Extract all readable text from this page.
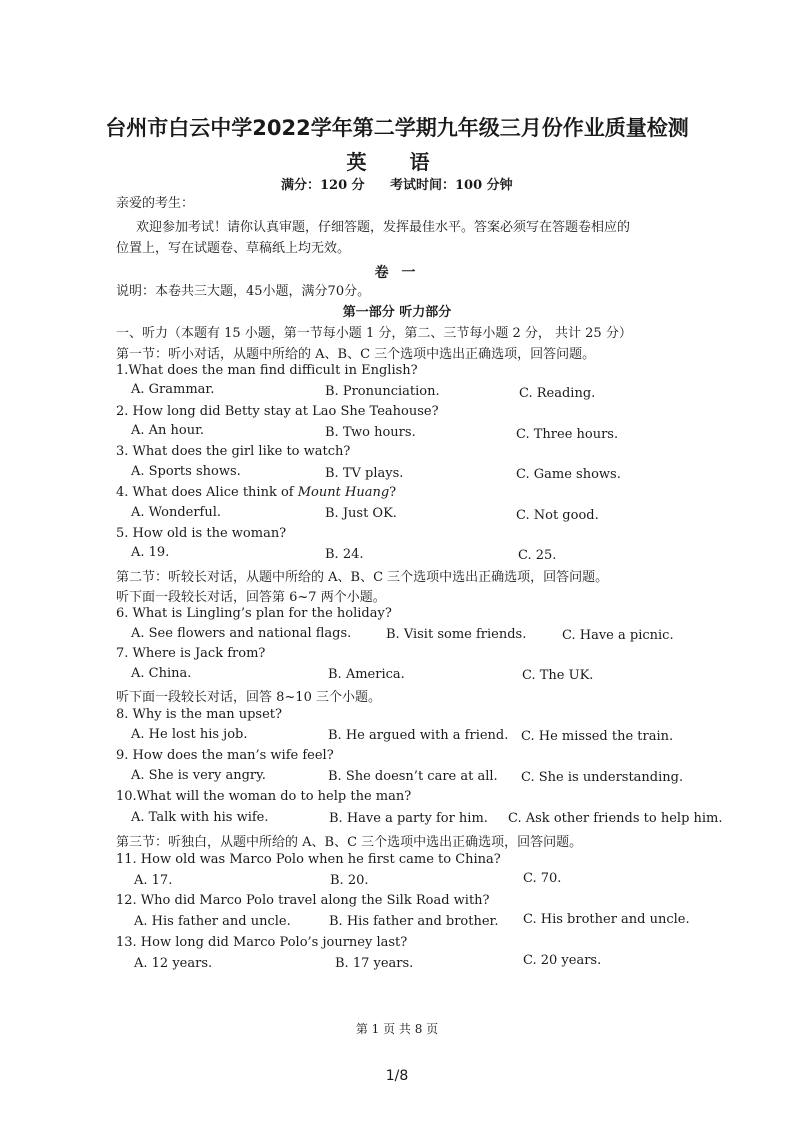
台州市白云中学2022学年第二学期九年级三月份作业质量检测
英 语
满分：120 分 考试时间：100 分钟
亲爱的考生：
欢迎参加考试！请你认真审题，仔细答题，发挥最佳水平。答案必须写在答题卷相应的
位置上，写在试题卷、草稿纸上均无效。
卷 一
说明：本卷共三大题，45小题，满分70分。
第一部分 听力部分
一、听力（本题有 15 小题，第一节每小题 1 分，第二、三节每小题 2 分， 共计 25 分）
第一节：听小对话，从题中所给的 A、B、C 三个选项中选出正确选项，回答问题。
1.What does the man find difficult in English?
A. Grammar.	B. Pronunciation.	C. Reading.
2. How long did Betty stay at Lao She Teahouse?
A. An hour.	B. Two hours.	C. Three hours.
3. What does the girl like to watch?
A. Sports shows.	B. TV plays.	C. Game shows.
4. What does Alice think of Mount Huang?
A. Wonderful.	B. Just OK.	C. Not good.
5. How old is the woman?
A. 19.	B. 24.	C. 25.
第二节：听较长对话，从题中所给的 A、B、C 三个选项中选出正确选项，回答问题。
听下面一段较长对话，回答第 6~7 两个小题。
6. What is Lingling’s plan for the holiday?
A. See flowers and national flags.	B. Visit some friends.	C. Have a picnic.
7. Where is Jack from?
A. China.	B. America.	C. The UK.
听下面一段较长对话，回答 8~10 三个小题。
8. Why is the man upset?
A. He lost his job.	B. He argued with a friend. C. He missed the train.
9. How does the man’s wife feel?
A. She is very angry.	B. She doesn’t care at all. C. She is understanding.
10.What will the woman do to help the man?
A. Talk with his wife.	B. Have a party for him. C. Ask other friends to help him.
第三节：听独白，从题中所给的 A、B、C 三个选项中选出正确选项，回答问题。
11. How old was Marco Polo when he first came to China?
A. 17.	B. 20.	C. 70.
12. Who did Marco Polo travel along the Silk Road with?
A. His father and uncle.	B. His father and brother. C. His brother and uncle.
13. How long did Marco Polo’s journey last?
A. 12 years.	B. 17 years.	C. 20 years.
第 1 页 共 8 页
1/8
